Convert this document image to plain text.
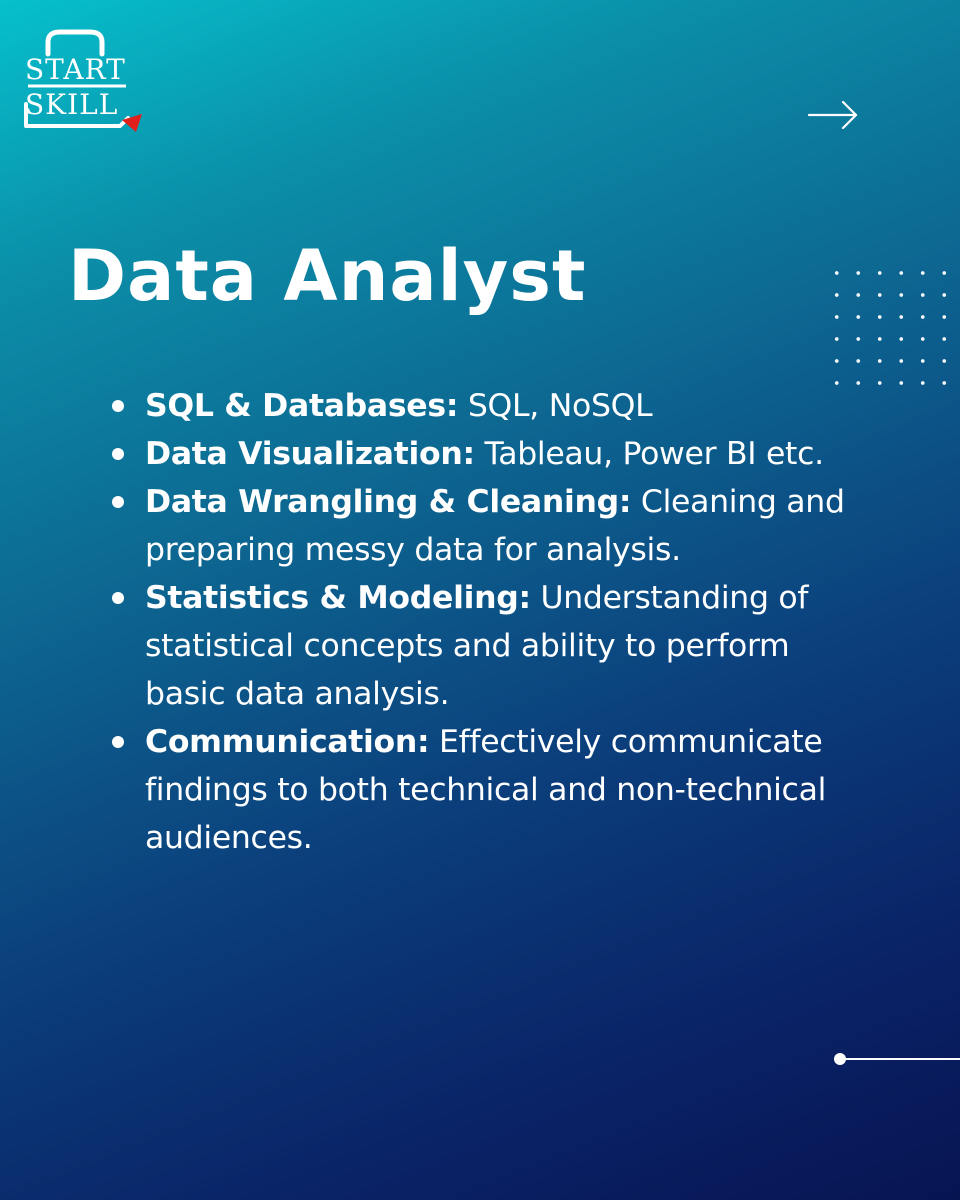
START
SKILL
Data Analyst
SQL & Databases: SQL, NoSQL
Data Visualization: Tableau, Power BI etc.
Data Wrangling & Cleaning: Cleaning and preparing messy data for analysis.
Statistics & Modeling: Understanding of statistical concepts and ability to perform basic data analysis.
Communication: Effectively communicate findings to both technical and non-technical audiences.
